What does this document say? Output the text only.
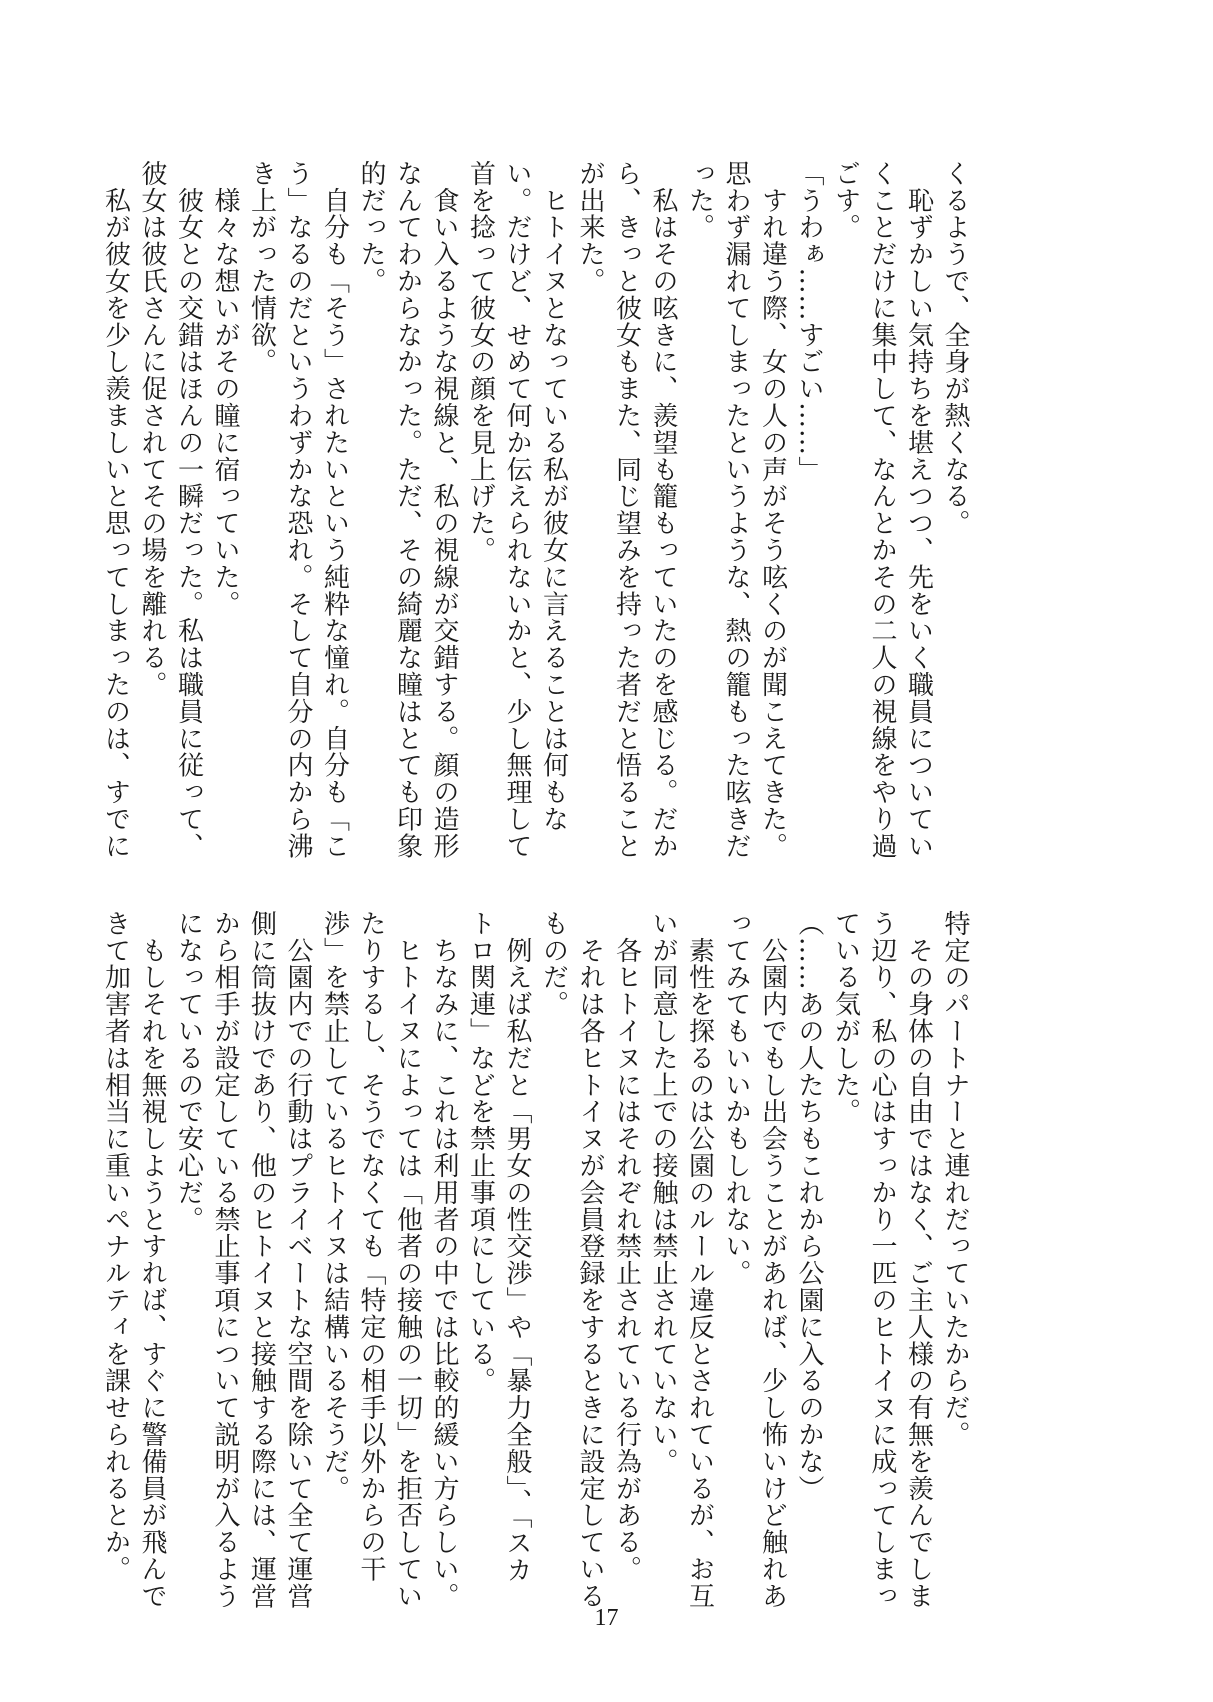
くるようで、全身が熱くなる。
　恥ずかしい気持ちを堪えつつ、先をいく職員についてい
くことだけに集中して、なんとかその二人の視線をやり過
ごす。
「うわぁ……すごい……」
　すれ違う際、女の人の声がそう呟くのが聞こえてきた。
思わず漏れてしまったというような、熱の籠もった呟きだ
った。
　私はその呟きに、羨望も籠もっていたのを感じる。だか
ら、きっと彼女もまた、同じ望みを持った者だと悟ること
が出来た。
　ヒトイヌとなっている私が彼女に言えることは何もな
い。だけど、せめて何か伝えられないかと、少し無理して
首を捻って彼女の顔を見上げた。
　食い入るような視線と、私の視線が交錯する。顔の造形
なんてわからなかった。ただ、その綺麗な瞳はとても印象
的だった。
　自分も「そう」されたいという純粋な憧れ。自分も「こ
う」なるのだというわずかな恐れ。そして自分の内から沸
き上がった情欲。
　様々な想いがその瞳に宿っていた。
　彼女との交錯はほんの一瞬だった。私は職員に従って、
彼女は彼氏さんに促されてその場を離れる。
　私が彼女を少し羨ましいと思ってしまったのは、すでに
特定のパートナーと連れだっていたからだ。
　その身体の自由ではなく、ご主人様の有無を羨んでしま
う辺り、私の心はすっかり一匹のヒトイヌに成ってしまっ
ている気がした。
（……あの人たちもこれから公園に入るのかな）
　公園内でもし出会うことがあれば、少し怖いけど触れあ
ってみてもいいかもしれない。
　素性を探るのは公園のルール違反とされているが、お互
いが同意した上での接触は禁止されていない。
　各ヒトイヌにはそれぞれ禁止されている行為がある。
　それは各ヒトイヌが会員登録をするときに設定している
ものだ。
　例えば私だと「男女の性交渉」や「暴力全般」、「スカ
トロ関連」などを禁止事項にしている。
　ちなみに、これは利用者の中では比較的緩い方らしい。
　ヒトイヌによっては「他者の接触の一切」を拒否してい
たりするし、そうでなくても「特定の相手以外からの干
渉」を禁止しているヒトイヌは結構いるそうだ。
　公園内での行動はプライベートな空間を除いて全て運営
側に筒抜けであり、他のヒトイヌと接触する際には、運営
から相手が設定している禁止事項について説明が入るよう
になっているので安心だ。
　もしそれを無視しようとすれば、すぐに警備員が飛んで
きて加害者は相当に重いペナルティを課せられるとか。
17
